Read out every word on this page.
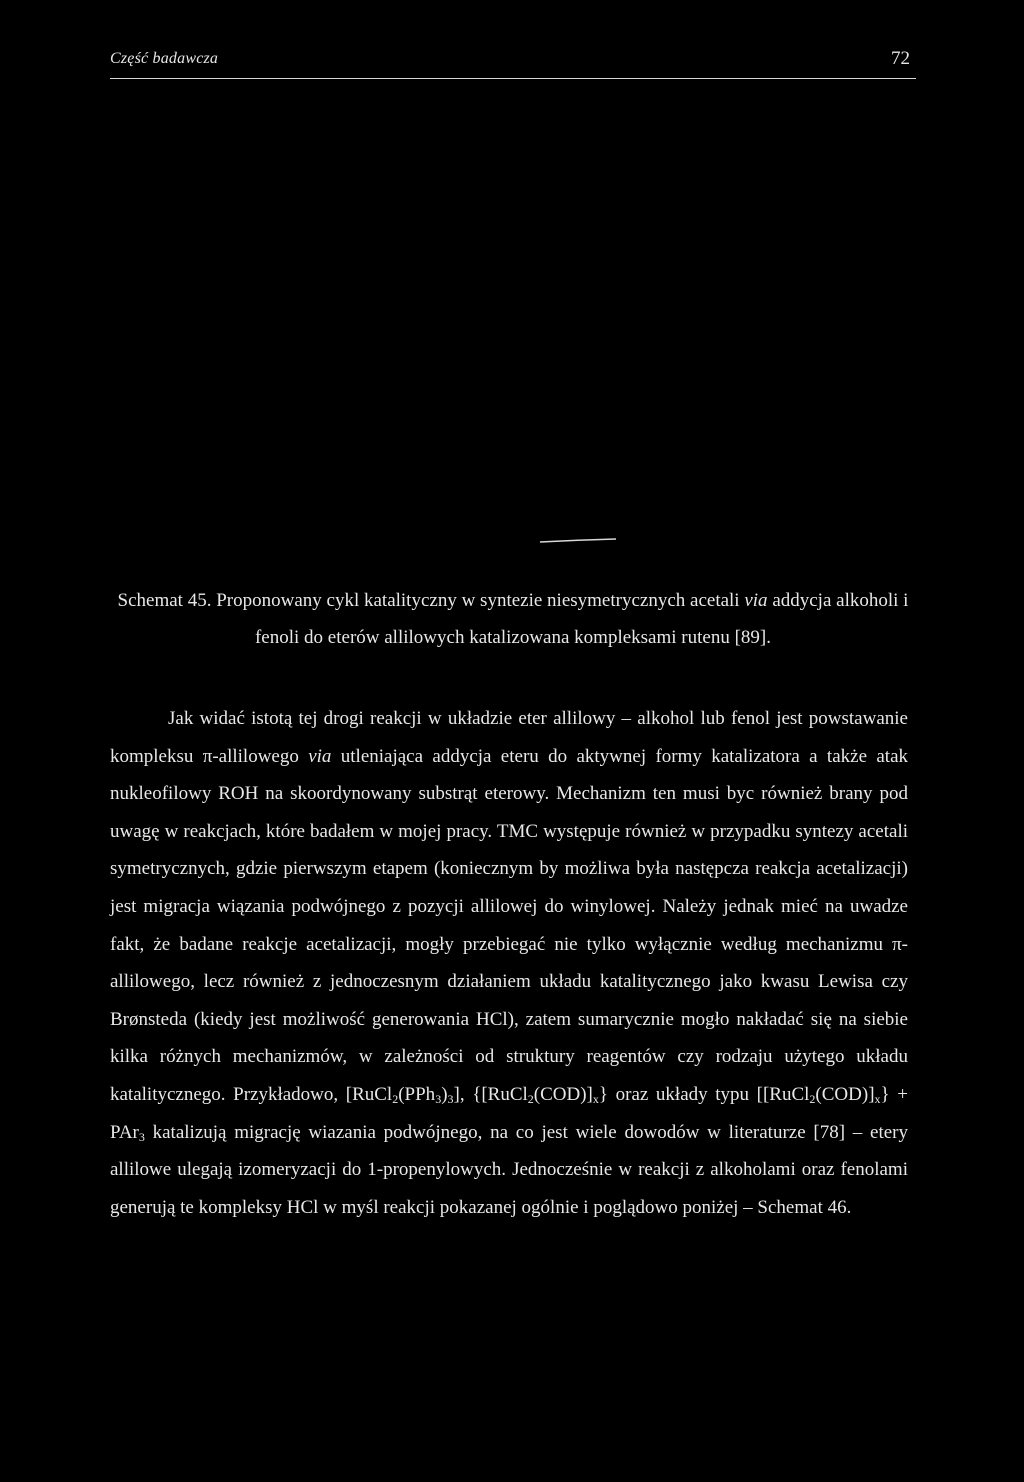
Część badawcza	72
Schemat 45. Proponowany cykl katalityczny w syntezie niesymetrycznych acetali via addycja alkoholi i fenoli do eterów allilowych katalizowana kompleksami rutenu [89].

Jak widać istotą tej drogi reakcji w układzie eter allilowy – alkohol lub fenol jest powstawanie kompleksu π-allilowego via utleniająca addycja eteru do aktywnej formy katalizatora a także atak nukleofilowy ROH na skoordynowany substrąt eterowy. Mechanizm ten musi byc również brany pod uwagę w reakcjach, które badałem w mojej pracy. TMC występuje również w przypadku syntezy acetali symetrycznych, gdzie pierwszym etapem (koniecznym by możliwa była następcza reakcja acetalizacji) jest migracja wiązania podwójnego z pozycji allilowej do winylowej. Należy jednak mieć na uwadze fakt, że badane reakcje acetalizacji, mogły przebiegać nie tylko wyłącznie według mechanizmu π-allilowego, lecz również z jednoczesnym działaniem układu katalitycznego jako kwasu Lewisa czy Brønsteda (kiedy jest możliwość generowania HCl), zatem sumarycznie mogło nakładać się na siebie kilka różnych mechanizmów, w zależności od struktury reagentów czy rodzaju użytego układu katalitycznego. Przykładowo, $[RuCl_2(PPh_3)_3]$, $\{[RuCl_2(COD)]_x\}$ oraz układy typu $[[RuCl_2(COD)]_x\} + PAr_3$ katalizują migrację wiazania podwójnego, na co jest wiele dowodów w literaturze [78] – etery allilowe ulegają izomeryzacji do 1-propenylowych. Jednocześnie w reakcji z alkoholami oraz fenolami generują te kompleksy HCl w myśl reakcji pokazanej ogólnie i poglądowo poniżej – Schemat 46.
